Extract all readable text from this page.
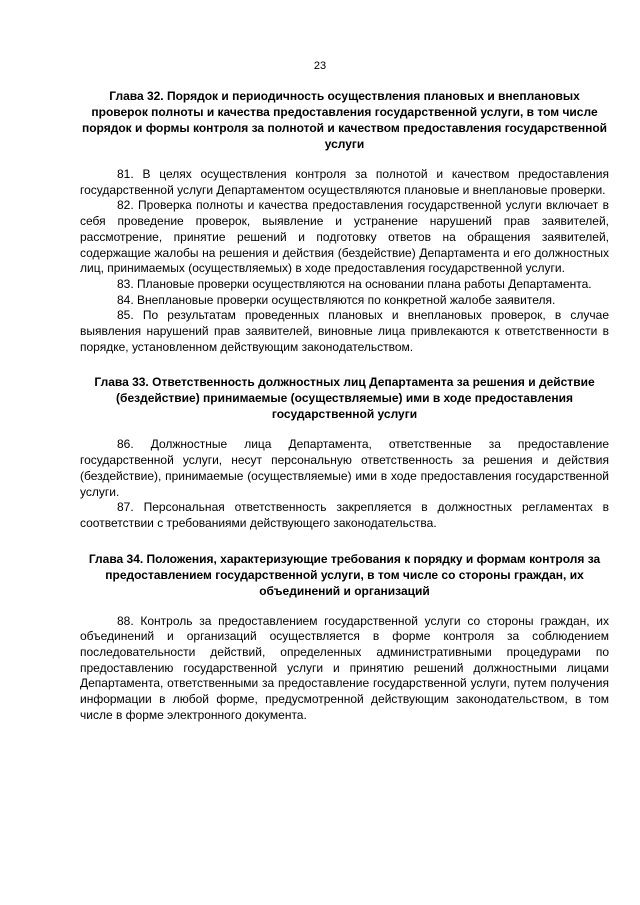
23

Глава 32. Порядок и периодичность осуществления плановых и внеплановых проверок полноты и качества предоставления государственной услуги, в том числе порядок и формы контроля за полнотой и качеством предоставления государственной услуги

81. В целях осуществления контроля за полнотой и качеством предоставления государственной услуги Департаментом осуществляются плановые и внеплановые проверки.

82. Проверка полноты и качества предоставления государственной услуги включает в себя проведение проверок, выявление и устранение нарушений прав заявителей, рассмотрение, принятие решений и подготовку ответов на обращения заявителей, содержащие жалобы на решения и действия (бездействие) Департамента и его должностных лиц, принимаемых (осуществляемых) в ходе предоставления государственной услуги.

83. Плановые проверки осуществляются на основании плана работы Департамента.

84. Внеплановые проверки осуществляются по конкретной жалобе заявителя.

85. По результатам проведенных плановых и внеплановых проверок, в случае выявления нарушений прав заявителей, виновные лица привлекаются к ответственности в порядке, установленном действующим законодательством.

Глава 33. Ответственность должностных лиц Департамента за решения и действие (бездействие) принимаемые (осуществляемые) ими в ходе предоставления государственной услуги

86. Должностные лица Департамента, ответственные за предоставление государственной услуги, несут персональную ответственность за решения и действия (бездействие), принимаемые (осуществляемые) ими в ходе предоставления государственной услуги.

87. Персональная ответственность закрепляется в должностных регламентах в соответствии с требованиями действующего законодательства.

Глава 34. Положения, характеризующие требования к порядку и формам контроля за предоставлением государственной услуги, в том числе со стороны граждан, их объединений и организаций

88. Контроль за предоставлением государственной услуги со стороны граждан, их объединений и организаций осуществляется в форме контроля за соблюдением последовательности действий, определенных административными процедурами по предоставлению государственной услуги и принятию решений должностными лицами Департамента, ответственными за предоставление государственной услуги, путем получения информации в любой форме, предусмотренной действующим законодательством, в том числе в форме электронного документа.
